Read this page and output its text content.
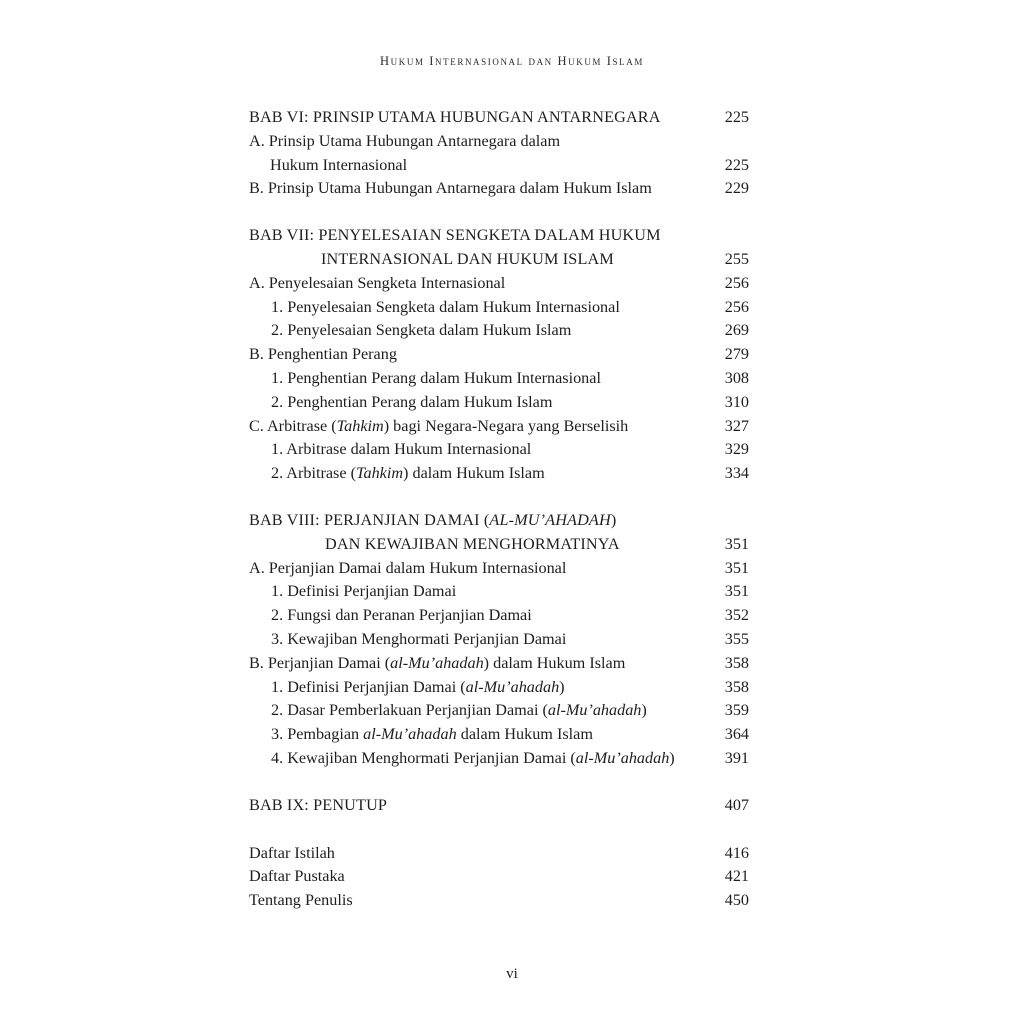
Hukum Internasional dan Hukum Islam
BAB VI: PRINSIP UTAMA HUBUNGAN ANTARNEGARA	225
A. Prinsip Utama Hubungan Antarnegara dalam
Hukum Internasional	225
B. Prinsip Utama Hubungan Antarnegara dalam Hukum Islam	229
BAB VII: PENYELESAIAN SENGKETA DALAM HUKUM
INTERNASIONAL DAN HUKUM ISLAM	255
A. Penyelesaian Sengketa Internasional	256
1. Penyelesaian Sengketa dalam Hukum Internasional	256
2. Penyelesaian Sengketa dalam Hukum Islam	269
B. Penghentian Perang	279
1. Penghentian Perang dalam Hukum Internasional	308
2. Penghentian Perang dalam Hukum Islam	310
C. Arbitrase (Tahkim) bagi Negara-Negara yang Berselisih	327
1. Arbitrase dalam Hukum Internasional	329
2. Arbitrase (Tahkim) dalam Hukum Islam	334
BAB VIII: PERJANJIAN DAMAI (AL-MU’AHADAH)
DAN KEWAJIBAN MENGHORMATINYA	351
A. Perjanjian Damai dalam Hukum Internasional	351
1. Definisi Perjanjian Damai	351
2. Fungsi dan Peranan Perjanjian Damai	352
3. Kewajiban Menghormati Perjanjian Damai	355
B. Perjanjian Damai (al-Mu’ahadah) dalam Hukum Islam	358
1. Definisi Perjanjian Damai (al-Mu’ahadah)	358
2. Dasar Pemberlakuan Perjanjian Damai (al-Mu’ahadah)	359
3. Pembagian al-Mu’ahadah dalam Hukum Islam	364
4. Kewajiban Menghormati Perjanjian Damai (al-Mu’ahadah)	391
BAB IX: PENUTUP	407
Daftar Istilah	416
Daftar Pustaka	421
Tentang Penulis	450
vi
